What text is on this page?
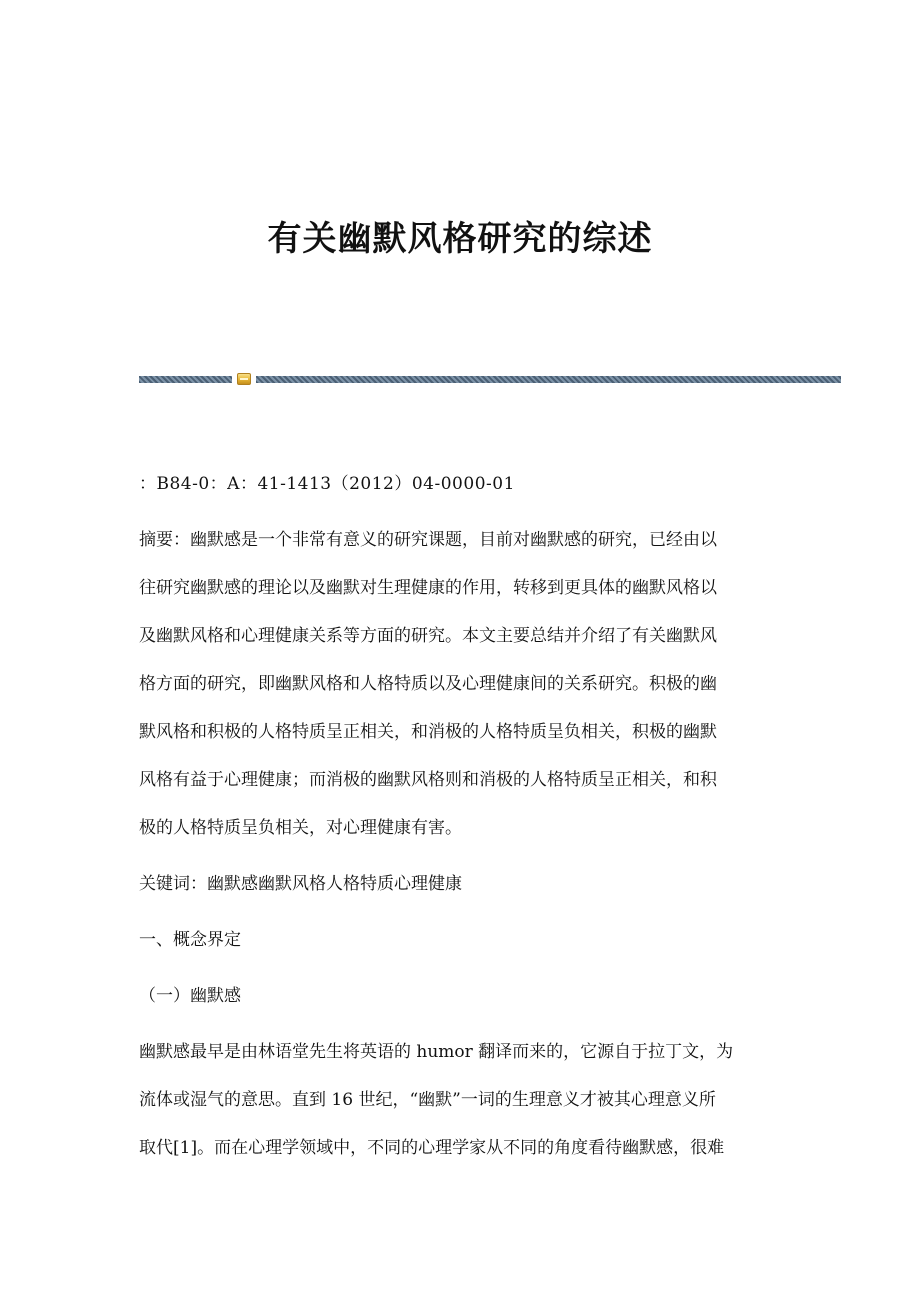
有关幽默风格研究的综述
：B84-0：A：41-1413（2012）04-0000-01
摘要：幽默感是一个非常有意义的研究课题，目前对幽默感的研究，已经由以
往研究幽默感的理论以及幽默对生理健康的作用，转移到更具体的幽默风格以
及幽默风格和心理健康关系等方面的研究。本文主要总结并介绍了有关幽默风
格方面的研究，即幽默风格和人格特质以及心理健康间的关系研究。积极的幽
默风格和积极的人格特质呈正相关，和消极的人格特质呈负相关，积极的幽默
风格有益于心理健康；而消极的幽默风格则和消极的人格特质呈正相关，和积
极的人格特质呈负相关，对心理健康有害。
关键词：幽默感幽默风格人格特质心理健康
一、概念界定
（一）幽默感
幽默感最早是由林语堂先生将英语的 humor 翻译而来的，它源自于拉丁文，为
流体或湿气的意思。直到 16 世纪，“幽默”一词的生理意义才被其心理意义所
取代[1]。而在心理学领域中，不同的心理学家从不同的角度看待幽默感，很难
